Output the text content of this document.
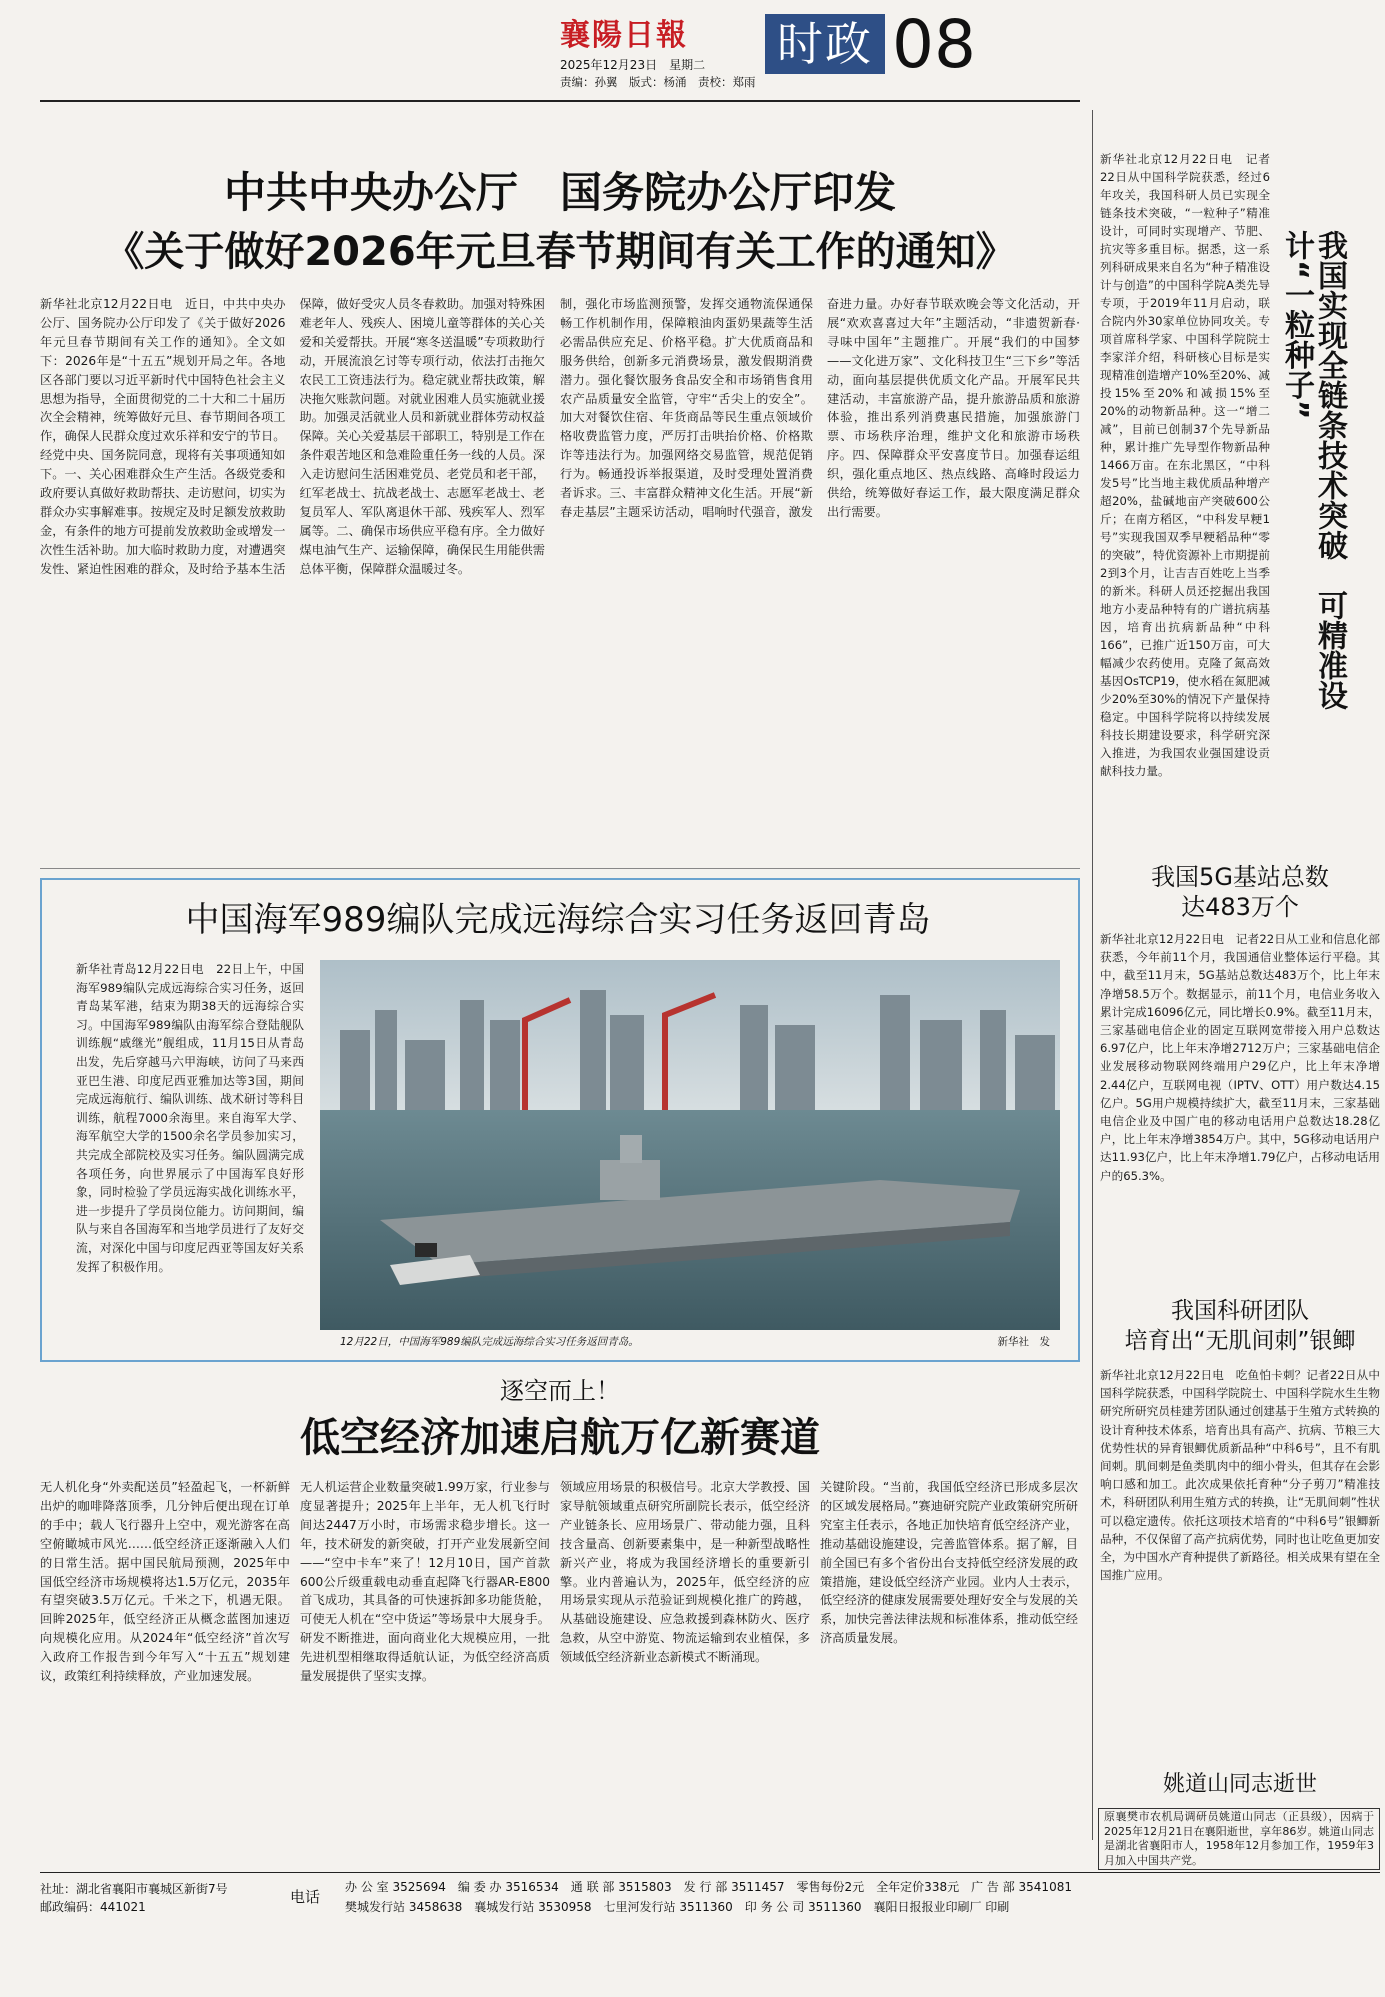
襄陽日報
2025年12月23日　星期二
责编：孙翼　版式：杨涌　责校：郑雨
时政 08
中共中央办公厅　国务院办公厅印发
《关于做好2026年元旦春节期间有关工作的通知》
新华社北京12月22日电　近日，中共中央办公厅、国务院办公厅印发了《关于做好2026年元旦春节期间有关工作的通知》。全文如下：2026年是“十五五”规划开局之年。各地区各部门要以习近平新时代中国特色社会主义思想为指导，全面贯彻党的二十大和二十届历次全会精神，统筹做好元旦、春节期间各项工作，确保人民群众度过欢乐祥和安宁的节日。经党中央、国务院同意，现将有关事项通知如下。一、关心困难群众生产生活。各级党委和政府要认真做好救助帮扶、走访慰问，切实为群众办实事解难事。按规定及时足额发放救助金，有条件的地方可提前发放救助金或增发一次性生活补助。加大临时救助力度，对遭遇突发性、紧迫性困难的群众，及时给予基本生活保障，做好受灾人员冬春救助。加强对特殊困难老年人、残疾人、困境儿童等群体的关心关爱和关爱帮扶。开展“寒冬送温暖”专项救助行动，开展流浪乞讨等专项行动，依法打击拖欠农民工工资违法行为。稳定就业帮扶政策，解决拖欠账款问题。对就业困难人员实施就业援助。加强灵活就业人员和新就业群体劳动权益保障。关心关爱基层干部职工，特别是工作在条件艰苦地区和急难险重任务一线的人员。深入走访慰问生活困难党员、老党员和老干部，红军老战士、抗战老战士、志愿军老战士、老复员军人、军队离退休干部、残疾军人、烈军属等。二、确保市场供应平稳有序。全力做好煤电油气生产、运输保障，确保民生用能供需总体平衡，保障群众温暖过冬。
制，强化市场监测预警，发挥交通物流保通保畅工作机制作用，保障粮油肉蛋奶果蔬等生活必需品供应充足、价格平稳。扩大优质商品和服务供给，创新多元消费场景，激发假期消费潜力。强化餐饮服务食品安全和市场销售食用农产品质量安全监管，守牢“舌尖上的安全”。加大对餐饮住宿、年货商品等民生重点领域价格收费监管力度，严厉打击哄抬价格、价格欺诈等违法行为。加强网络交易监管，规范促销行为。畅通投诉举报渠道，及时受理处置消费者诉求。三、丰富群众精神文化生活。开展“新春走基层”主题采访活动，唱响时代强音，激发奋进力量。办好春节联欢晚会等文化活动，开展“欢欢喜喜过大年”主题活动，“非遗贺新春·寻味中国年”主题推广。开展“我们的中国梦——文化进万家”、文化科技卫生“三下乡”等活动，面向基层提供优质文化产品。开展军民共建活动，丰富旅游产品，提升旅游品质和旅游体验，推出系列消费惠民措施，加强旅游门票、市场秩序治理，维护文化和旅游市场秩序。四、保障群众平安喜度节日。加强春运组织，强化重点地区、热点线路、高峰时段运力供给，统筹做好春运工作，最大限度满足群众出行需要。
新华社北京12月22日电　记者22日从中国科学院获悉，经过6年攻关，我国科研人员已实现全链条技术突破，“一粒种子”精准设计，可同时实现增产、节肥、抗灾等多重目标。据悉，这一系列科研成果来自名为“种子精准设计与创造”的中国科学院A类先导专项，于2019年11月启动，联合院内外30家单位协同攻关。专项首席科学家、中国科学院院士李家洋介绍，科研核心目标是实现精准创造增产10%至20%、减投15%至20%和减损15%至20%的动物新品种。这一“增二减”，目前已创制37个先导新品种，累计推广先导型作物新品种1466万亩。在东北黑区，“中科发5号”比当地主栽优质品种增产超20%，盐碱地亩产突破600公斤；在南方稻区，“中科发早粳1号”实现我国双季早粳稻品种“零的突破”，特优资源补上市期提前2到3个月，让吉吉百姓吃上当季的新米。科研人员还挖掘出我国地方小麦品种特有的广谱抗病基因，培育出抗病新品种“中科166”，已推广近150万亩，可大幅减少农药使用。克隆了氮高效基因OsTCP19，使水稻在氮肥减少20%至30%的情况下产量保持稳定。中国科学院将以持续发展科技长期建设要求，科学研究深入推进，为我国农业强国建设贡献科技力量。
我国实现全链条技术突破　可精准设计“一粒种子”
我国5G基站总数
达483万个
新华社北京12月22日电　记者22日从工业和信息化部获悉，今年前11个月，我国通信业整体运行平稳。其中，截至11月末，5G基站总数达483万个，比上年末净增58.5万个。数据显示，前11个月，电信业务收入累计完成16096亿元，同比增长0.9%。截至11月末，三家基础电信企业的固定互联网宽带接入用户总数达6.97亿户，比上年末净增2712万户；三家基础电信企业发展移动物联网终端用户29亿户，比上年末净增2.44亿户，互联网电视（IPTV、OTT）用户数达4.15亿户。5G用户规模持续扩大，截至11月末，三家基础电信企业及中国广电的移动电话用户总数达18.28亿户，比上年末净增3854万户。其中，5G移动电话用户达11.93亿户，比上年末净增1.79亿户，占移动电话用户的65.3%。
我国科研团队
培育出“无肌间刺”银鲫
新华社北京12月22日电　吃鱼怕卡刺？记者22日从中国科学院获悉，中国科学院院士、中国科学院水生生物研究所研究员桂建芳团队通过创建基于生殖方式转换的设计育种技术体系，培育出具有高产、抗病、节粮三大优势性状的异育银鲫优质新品种“中科6号”，且不有肌间刺。肌间刺是鱼类肌肉中的细小骨头，但其存在会影响口感和加工。此次成果依托育种“分子剪刀”精准技术，科研团队利用生殖方式的转换，让“无肌间刺”性状可以稳定遗传。依托这项技术培育的“中科6号”银鲫新品种，不仅保留了高产抗病优势，同时也让吃鱼更加安全，为中国水产育种提供了新路径。相关成果有望在全国推广应用。
中国海军989编队完成远海综合实习任务返回青岛
新华社青岛12月22日电　22日上午，中国海军989编队完成远海综合实习任务，返回青岛某军港，结束为期38天的远海综合实习。中国海军989编队由海军综合登陆舰队训练舰“戚继光”舰组成，11月15日从青岛出发，先后穿越马六甲海峡，访问了马来西亚巴生港、印度尼西亚雅加达等3国，期间完成远海航行、编队训练、战术研讨等科目训练，航程7000余海里。来自海军大学、海军航空大学的1500余名学员参加实习，共完成全部院校及实习任务。编队圆满完成各项任务，向世界展示了中国海军良好形象，同时检验了学员远海实战化训练水平，进一步提升了学员岗位能力。访问期间，编队与来自各国海军和当地学员进行了友好交流，对深化中国与印度尼西亚等国友好关系发挥了积极作用。
12月22日，中国海军989编队完成远海综合实习任务返回青岛。	新华社　发
逐空而上！
低空经济加速启航万亿新赛道
无人机化身“外卖配送员”轻盈起飞，一杯新鲜出炉的咖啡降落顶季，几分钟后便出现在订单的手中；载人飞行器升上空中，观光游客在高空俯瞰城市风光……低空经济正逐渐融入人们的日常生活。据中国民航局预测，2025年中国低空经济市场规模将达1.5万亿元，2035年有望突破3.5万亿元。千米之下，机遇无限。回眸2025年，低空经济正从概念蓝图加速迈向规模化应用。从2024年“低空经济”首次写入政府工作报告到今年写入“十五五”规划建议，政策红利持续释放，产业加速发展。
无人机运营企业数量突破1.99万家，行业参与度显著提升；2025年上半年，无人机飞行时间达2447万小时，市场需求稳步增长。这一年，技术研发的新突破，打开产业发展新空间——“空中卡车”来了！12月10日，国产首款600公斤级重载电动垂直起降飞行器AR-E800首飞成功，其具备的可快速拆卸多功能货舱，可使无人机在“空中货运”等场景中大展身手。研发不断推进，面向商业化大规模应用，一批先进机型相继取得适航认证，为低空经济高质量发展提供了坚实支撑。
领域应用场景的积极信号。北京大学教授、国家导航领域重点研究所副院长表示，低空经济产业链条长、应用场景广、带动能力强，且科技含量高、创新要素集中，是一种新型战略性新兴产业，将成为我国经济增长的重要新引擎。业内普遍认为，2025年，低空经济的应用场景实现从示范验证到规模化推广的跨越，从基础设施建设、应急救援到森林防火、医疗急救，从空中游览、物流运输到农业植保，多领域低空经济新业态新模式不断涌现。
关键阶段。“当前，我国低空经济已形成多层次的区域发展格局。”赛迪研究院产业政策研究所研究室主任表示，各地正加快培育低空经济产业，推动基础设施建设，完善监管体系。据了解，目前全国已有多个省份出台支持低空经济发展的政策措施，建设低空经济产业园。业内人士表示，低空经济的健康发展需要处理好安全与发展的关系，加快完善法律法规和标准体系，推动低空经济高质量发展。
姚道山同志逝世
原襄樊市农机局调研员姚道山同志（正县级），因病于2025年12月21日在襄阳逝世，享年86岁。姚道山同志是湖北省襄阳市人，1958年12月参加工作，1959年3月加入中国共产党。
社址：湖北省襄阳市襄城区新街7号
邮政编码：441021
电话
办 公 室 3525694　编 委 办 3516534　通 联 部 3515803　发 行 部 3511457　零售每份2元　全年定价338元　广 告 部 3541081
樊城发行站 3458638　襄城发行站 3530958　七里河发行站 3511360　印 务 公 司 3511360　襄阳日报报业印刷厂 印刷
